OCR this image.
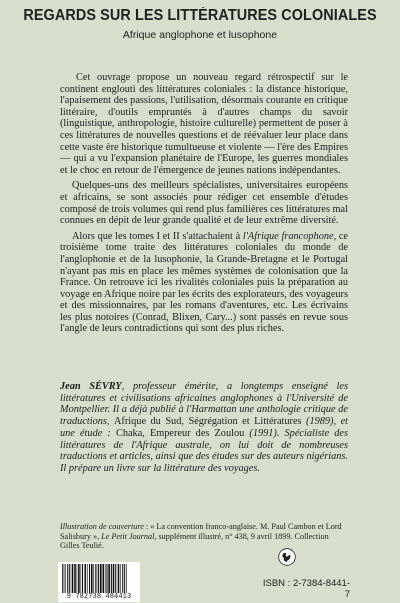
REGARDS SUR LES LITTÉRATURES COLONIALES
Afrique anglophone et lusophone

Cet ouvrage propose un nouveau regard rétrospectif sur le continent englouti des littératures coloniales : la distance historique, l'apaisement des passions, l'utilisation, désormais courante en critique littéraire, d'outils empruntés à d'autres champs du savoir (linguistique, anthropologie, histoire culturelle) permettent de poser à ces littératures de nouvelles questions et de réévaluer leur place dans cette vaste ère historique tumultueuse et violente — l'ère des Empires — qui a vu l'expansion planétaire de l'Europe, les guerres mondiales et le choc en retour de l'émergence de jeunes nations indépendantes.

Quelques-uns des meilleurs spécialistes, universitaires européens et africains, se sont associés pour rédiger cet ensemble d'études composé de trois volumes qui rend plus familières ces littératures mal connues en dépit de leur grande qualité et de leur extrême diversité.

Alors que les tomes I et II s'attachaient à l'Afrique francophone, ce troisième tome traite des littératures coloniales du monde de l'anglophonie et de la lusophonie, la Grande-Bretagne et le Portugal n'ayant pas mis en place les mêmes systèmes de colonisation que la France. On retrouve ici les rivalités coloniales puis la préparation au voyage en Afrique noire par les écrits des explorateurs, des voyageurs et des missionnaires, par les romans d'aventures, etc. Les écrivains les plus notoires (Conrad, Blixen, Cary...) sont passés en revue sous l'angle de leurs contradictions qui sont des plus riches.

Jean SÉVRY, professeur émérite, a longtemps enseigné les littératures et civilisations africaines anglophones à l'Université de Montpellier. Il a déjà publié à l'Harmattan une anthologie critique de traductions, Afrique du Sud, Ségrégation et Littératures (1989), et une étude : Chaka, Empereur des Zoulou (1991). Spécialiste des littératures de l'Afrique australe, on lui doit de nombreuses traductions et articles, ainsi que des études sur des auteurs nigérians. Il prépare un livre sur la littérature des voyages.

Illustration de couverture : « La convention franco-anglaise. M. Paul Cambon et Lord Salisbury », Le Petit Journal, supplément illustré, n° 438, 9 avril 1899. Collection Gilles Teulié.
9 782738 484413
ISBN : 2-7384-8441-7
